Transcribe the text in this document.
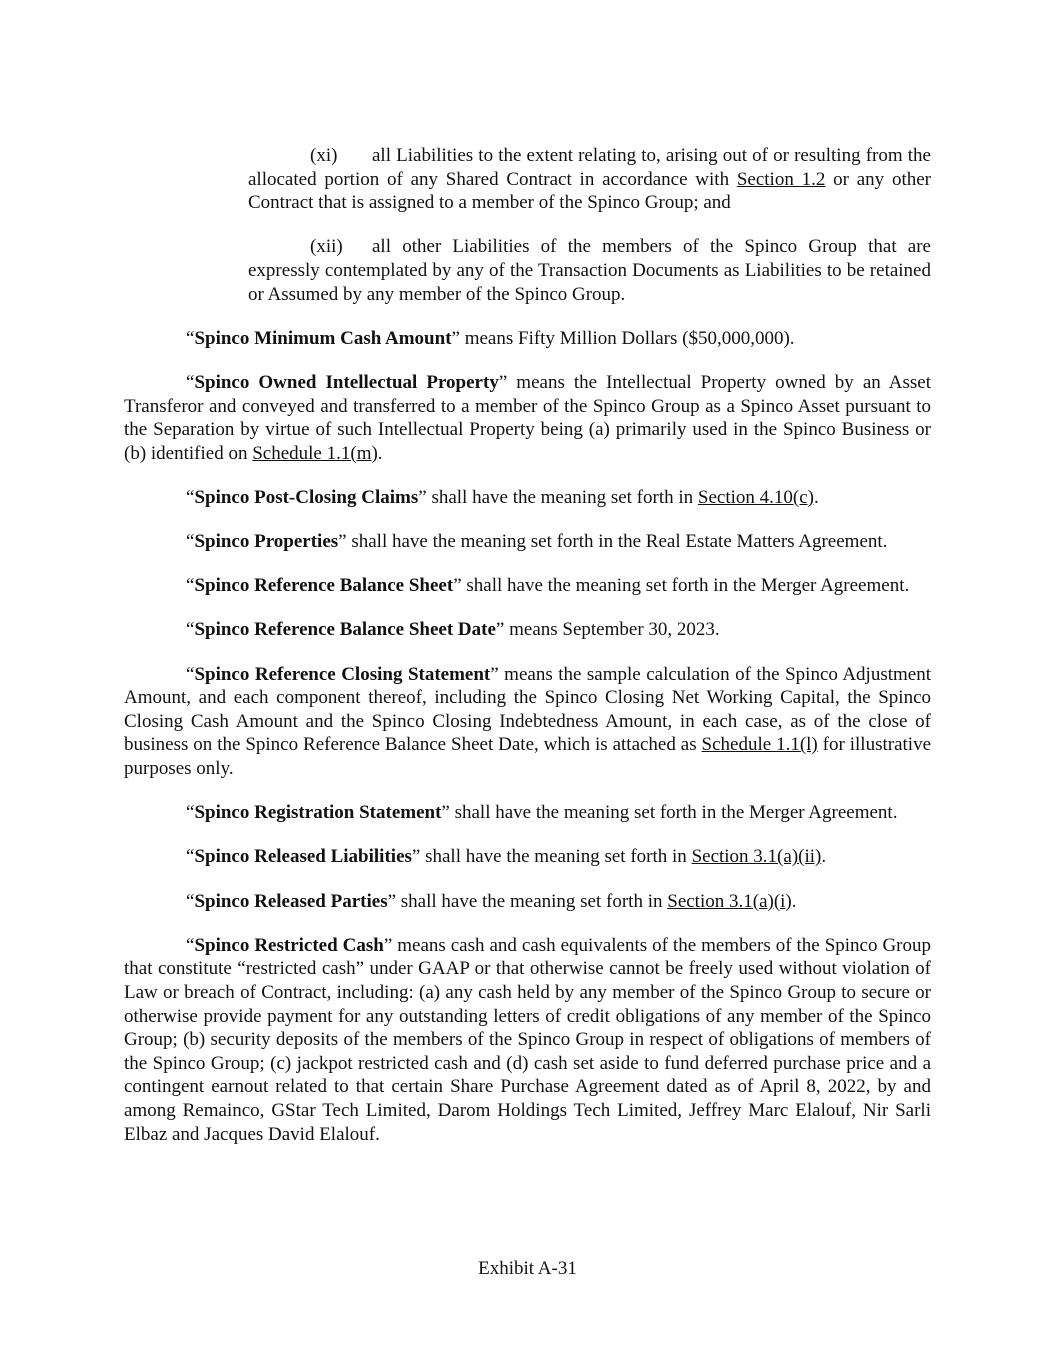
(xi) all Liabilities to the extent relating to, arising out of or resulting from the allocated portion of any Shared Contract in accordance with Section 1.2 or any other Contract that is assigned to a member of the Spinco Group; and

(xii) all other Liabilities of the members of the Spinco Group that are expressly contemplated by any of the Transaction Documents as Liabilities to be retained or Assumed by any member of the Spinco Group.

“Spinco Minimum Cash Amount” means Fifty Million Dollars ($50,000,000).

“Spinco Owned Intellectual Property” means the Intellectual Property owned by an Asset Transferor and conveyed and transferred to a member of the Spinco Group as a Spinco Asset pursuant to the Separation by virtue of such Intellectual Property being (a) primarily used in the Spinco Business or (b) identified on Schedule 1.1(m).

“Spinco Post-Closing Claims” shall have the meaning set forth in Section 4.10(c).

“Spinco Properties” shall have the meaning set forth in the Real Estate Matters Agreement.

“Spinco Reference Balance Sheet” shall have the meaning set forth in the Merger Agreement.

“Spinco Reference Balance Sheet Date” means September 30, 2023.

“Spinco Reference Closing Statement” means the sample calculation of the Spinco Adjustment Amount, and each component thereof, including the Spinco Closing Net Working Capital, the Spinco Closing Cash Amount and the Spinco Closing Indebtedness Amount, in each case, as of the close of business on the Spinco Reference Balance Sheet Date, which is attached as Schedule 1.1(l) for illustrative purposes only.

“Spinco Registration Statement” shall have the meaning set forth in the Merger Agreement.

“Spinco Released Liabilities” shall have the meaning set forth in Section 3.1(a)(ii).

“Spinco Released Parties” shall have the meaning set forth in Section 3.1(a)(i).

“Spinco Restricted Cash” means cash and cash equivalents of the members of the Spinco Group that constitute “restricted cash” under GAAP or that otherwise cannot be freely used without violation of Law or breach of Contract, including: (a) any cash held by any member of the Spinco Group to secure or otherwise provide payment for any outstanding letters of credit obligations of any member of the Spinco Group; (b) security deposits of the members of the Spinco Group in respect of obligations of members of the Spinco Group; (c) jackpot restricted cash and (d) cash set aside to fund deferred purchase price and a contingent earnout related to that certain Share Purchase Agreement dated as of April 8, 2022, by and among Remainco, GStar Tech Limited, Darom Holdings Tech Limited, Jeffrey Marc Elalouf, Nir Sarli Elbaz and Jacques David Elalouf.

Exhibit A-31
